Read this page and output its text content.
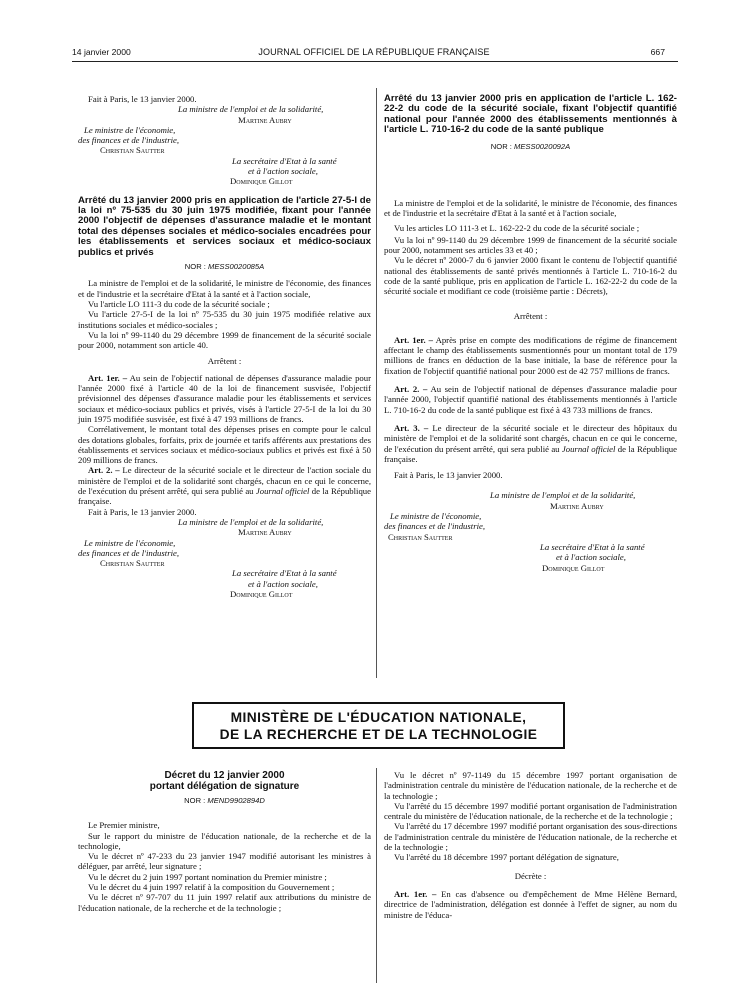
14 janvier 2000	JOURNAL OFFICIEL DE LA RÉPUBLIQUE FRANÇAISE	667

Fait à Paris, le 13 janvier 2000.

La ministre de l'emploi et de la solidarité,

Martine Aubry

Le ministre de l'économie,

des finances et de l'industrie,

Christian Sautter

La secrétaire d'Etat à la santé

et à l'action sociale,

Dominique Gillot

Arrêté du 13 janvier 2000 pris en application de l'article 27-5-I de la loi nº 75-535 du 30 juin 1975 modifiée, fixant pour l'année 2000 l'objectif de dépenses d'assurance maladie et le montant total des dépenses sociales et médico-sociales encadrées pour les établissements et services sociaux et médico-sociaux publics et privés

NOR : MESS0020085A

La ministre de l'emploi et de la solidarité, le ministre de l'économie, des finances et de l'industrie et la secrétaire d'Etat à la santé et à l'action sociale,

Vu l'article LO 111-3 du code de la sécurité sociale ;

Vu l'article 27-5-I de la loi nº 75-535 du 30 juin 1975 modifiée relative aux institutions sociales et médico-sociales ;

Vu la loi nº 99-1140 du 29 décembre 1999 de financement de la sécurité sociale pour 2000, notamment son article 40.

Arrêtent :

Art. 1er. – Au sein de l'objectif national de dépenses d'assurance maladie pour l'année 2000 fixé à l'article 40 de la loi de financement susvisée, l'objectif prévisionnel des dépenses d'assurance maladie pour les établissements et services sociaux et médico-sociaux publics et privés, visés à l'article 27-5-I de la loi du 30 juin 1975 modifiée susvisée, est fixé à 47 193 millions de francs.

Corrélativement, le montant total des dépenses prises en compte pour le calcul des dotations globales, forfaits, prix de journée et tarifs afférents aux prestations des établissements et services sociaux et médico-sociaux publics et privés est fixé à 50 209 millions de francs.

Art. 2. – Le directeur de la sécurité sociale et le directeur de l'action sociale du ministère de l'emploi et de la solidarité sont chargés, chacun en ce qui le concerne, de l'exécution du présent arrêté, qui sera publié au Journal officiel de la République française.

Fait à Paris, le 13 janvier 2000.

La ministre de l'emploi et de la solidarité,

Martine Aubry

Le ministre de l'économie,

des finances et de l'industrie,

Christian Sautter

La secrétaire d'Etat à la santé

et à l'action sociale,

Dominique Gillot

Arrêté du 13 janvier 2000 pris en application de l'article L. 162-22-2 du code de la sécurité sociale, fixant l'objectif quantifié national pour l'année 2000 des établissements mentionnés à l'article L. 710-16-2 du code de la santé publique

NOR : MESS0020092A

La ministre de l'emploi et de la solidarité, le ministre de l'économie, des finances et de l'industrie et la secrétaire d'Etat à la santé et à l'action sociale,

Vu les articles LO 111-3 et L. 162-22-2 du code de la sécurité sociale ;

Vu la loi nº 99-1140 du 29 décembre 1999 de financement de la sécurité sociale pour 2000, notamment ses articles 33 et 40 ;

Vu le décret nº 2000-7 du 6 janvier 2000 fixant le contenu de l'objectif quantifié national des établissements de santé privés mentionnés à l'article L. 710-16-2 du code de la santé publique, pris en application de l'article L. 162-22-2 du code de la sécurité sociale et modifiant ce code (troisième partie : Décrets),

Arrêtent :

Art. 1er. – Après prise en compte des modifications de régime de financement affectant le champ des établissements susmentionnés pour un montant total de 179 millions de francs en déduction de la base initiale, la base de référence pour la fixation de l'objectif quantifié national pour 2000 est de 42 757 millions de francs.

Art. 2. – Au sein de l'objectif national de dépenses d'assurance maladie pour l'année 2000, l'objectif quantifié national des établissements mentionnés à l'article L. 710-16-2 du code de la santé publique est fixé à 43 733 millions de francs.

Art. 3. – Le directeur de la sécurité sociale et le directeur des hôpitaux du ministère de l'emploi et de la solidarité sont chargés, chacun en ce qui le concerne, de l'exécution du présent arrêté, qui sera publié au Journal officiel de la République française.

Fait à Paris, le 13 janvier 2000.

La ministre de l'emploi et de la solidarité,

Martine Aubry

Le ministre de l'économie,

des finances et de l'industrie,

Christian Sautter

La secrétaire d'Etat à la santé

et à l'action sociale,

Dominique Gillot

MINISTÈRE DE L'ÉDUCATION NATIONALE,
DE LA RECHERCHE ET DE LA TECHNOLOGIE

Décret du 12 janvier 2000

portant délégation de signature

NOR : MEND9902894D

Le Premier ministre,

Sur le rapport du ministre de l'éducation nationale, de la recherche et de la technologie,

Vu le décret nº 47-233 du 23 janvier 1947 modifié autorisant les ministres à déléguer, par arrêté, leur signature ;

Vu le décret du 2 juin 1997 portant nomination du Premier ministre ;

Vu le décret du 4 juin 1997 relatif à la composition du Gouvernement ;

Vu le décret nº 97-707 du 11 juin 1997 relatif aux attributions du ministre de l'éducation nationale, de la recherche et de la technologie ;

Vu le décret nº 97-1149 du 15 décembre 1997 portant organisation de l'administration centrale du ministère de l'éducation nationale, de la recherche et de la technologie ;

Vu l'arrêté du 15 décembre 1997 modifié portant organisation de l'administration centrale du ministère de l'éducation nationale, de la recherche et de la technologie ;

Vu l'arrêté du 17 décembre 1997 modifié portant organisation des sous-directions de l'administration centrale du ministère de l'éducation nationale, de la recherche et de la technologie ;

Vu l'arrêté du 18 décembre 1997 portant délégation de signature,

Décrète :

Art. 1er. – En cas d'absence ou d'empêchement de Mme Hélène Bernard, directrice de l'administration, délégation est donnée à l'effet de signer, au nom du ministre de l'éduca-
